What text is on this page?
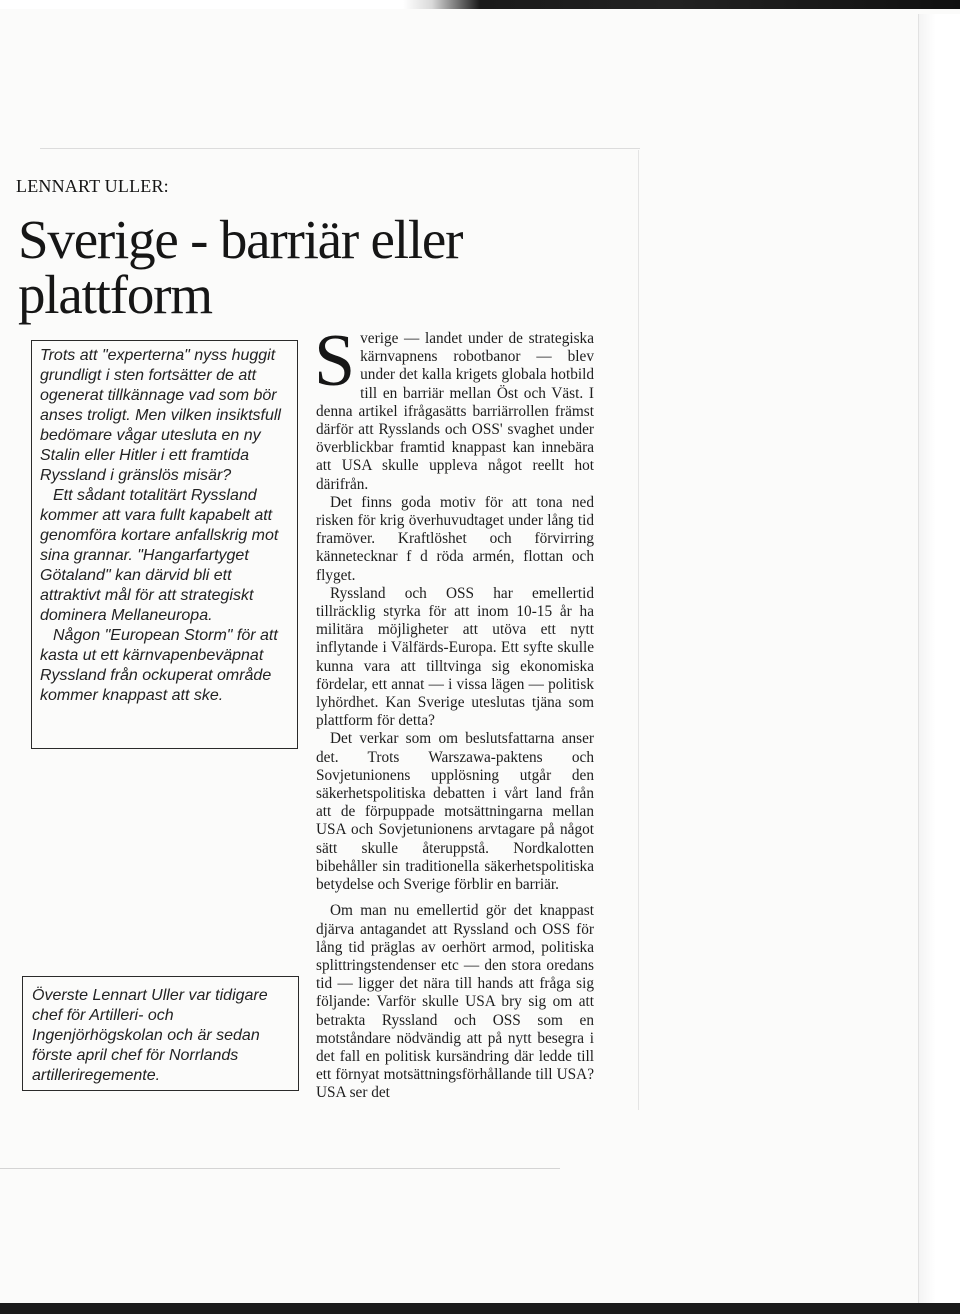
LENNART ULLER:
Sverige - barriär eller plattform

Trots att "experterna" nyss huggit grundligt i sten fortsätter de att ogenerat tillkännage vad som bör anses troligt. Men vilken insiktsfull bedömare vågar utesluta en ny Stalin eller Hitler i ett framtida Ryssland i gränslös misär?

Ett sådant totalitärt Ryssland kommer att vara fullt kapabelt att genomföra kortare anfallskrig mot sina grannar. "Hangarfartyget Götaland" kan därvid bli ett attraktivt mål för att strategiskt dominera Mellaneuropa.

Någon "European Storm" för att kasta ut ett kärnvapenbeväpnat Ryssland från ockuperat område kommer knappast att ske.

Överste Lennart Uller var tidigare chef för Artilleri- och Ingenjörhögskolan och är sedan förste april chef för Norrlands artilleriregemente.

Sverige — landet under de strategiska kärnvapnens robotbanor — blev under det kalla krigets globala hotbild till en barriär mellan Öst och Väst. I denna artikel ifrågasätts barriärrollen främst därför att Rysslands och OSS' svaghet under överblickbar framtid knappast kan innebära att USA skulle uppleva något reellt hot därifrån.

Det finns goda motiv för att tona ned risken för krig överhuvudtaget under lång tid framöver. Kraftlöshet och förvirring kännetecknar f d röda armén, flottan och flyget.

Ryssland och OSS har emellertid tillräcklig styrka för att inom 10-15 år ha militära möjligheter att utöva ett nytt inflytande i Välfärds-Europa. Ett syfte skulle kunna vara att tilltvinga sig ekonomiska fördelar, ett annat — i vissa lägen — politisk lyhördhet. Kan Sverige uteslutas tjäna som plattform för detta?

Det verkar som om beslutsfattarna anser det. Trots Warszawa-paktens och Sovjetunionens upplösning utgår den säkerhetspolitiska debatten i vårt land från att de förpuppade motsättningarna mellan USA och Sovjetunionens arvtagare på något sätt skulle återuppstå. Nordkalotten bibehåller sin traditionella säkerhetspolitiska betydelse och Sverige förblir en barriär.

Om man nu emellertid gör det knappast djärva antagandet att Ryssland och OSS för lång tid präglas av oerhört armod, politiska splittringstendenser etc — den stora oredans tid — ligger det nära till hands att fråga sig följande: Varför skulle USA bry sig om att betrakta Ryssland och OSS som en motståndare nödvändig att på nytt besegra i det fall en politisk kursändring där ledde till ett förnyat motsättningsförhållande till USA? USA ser det
